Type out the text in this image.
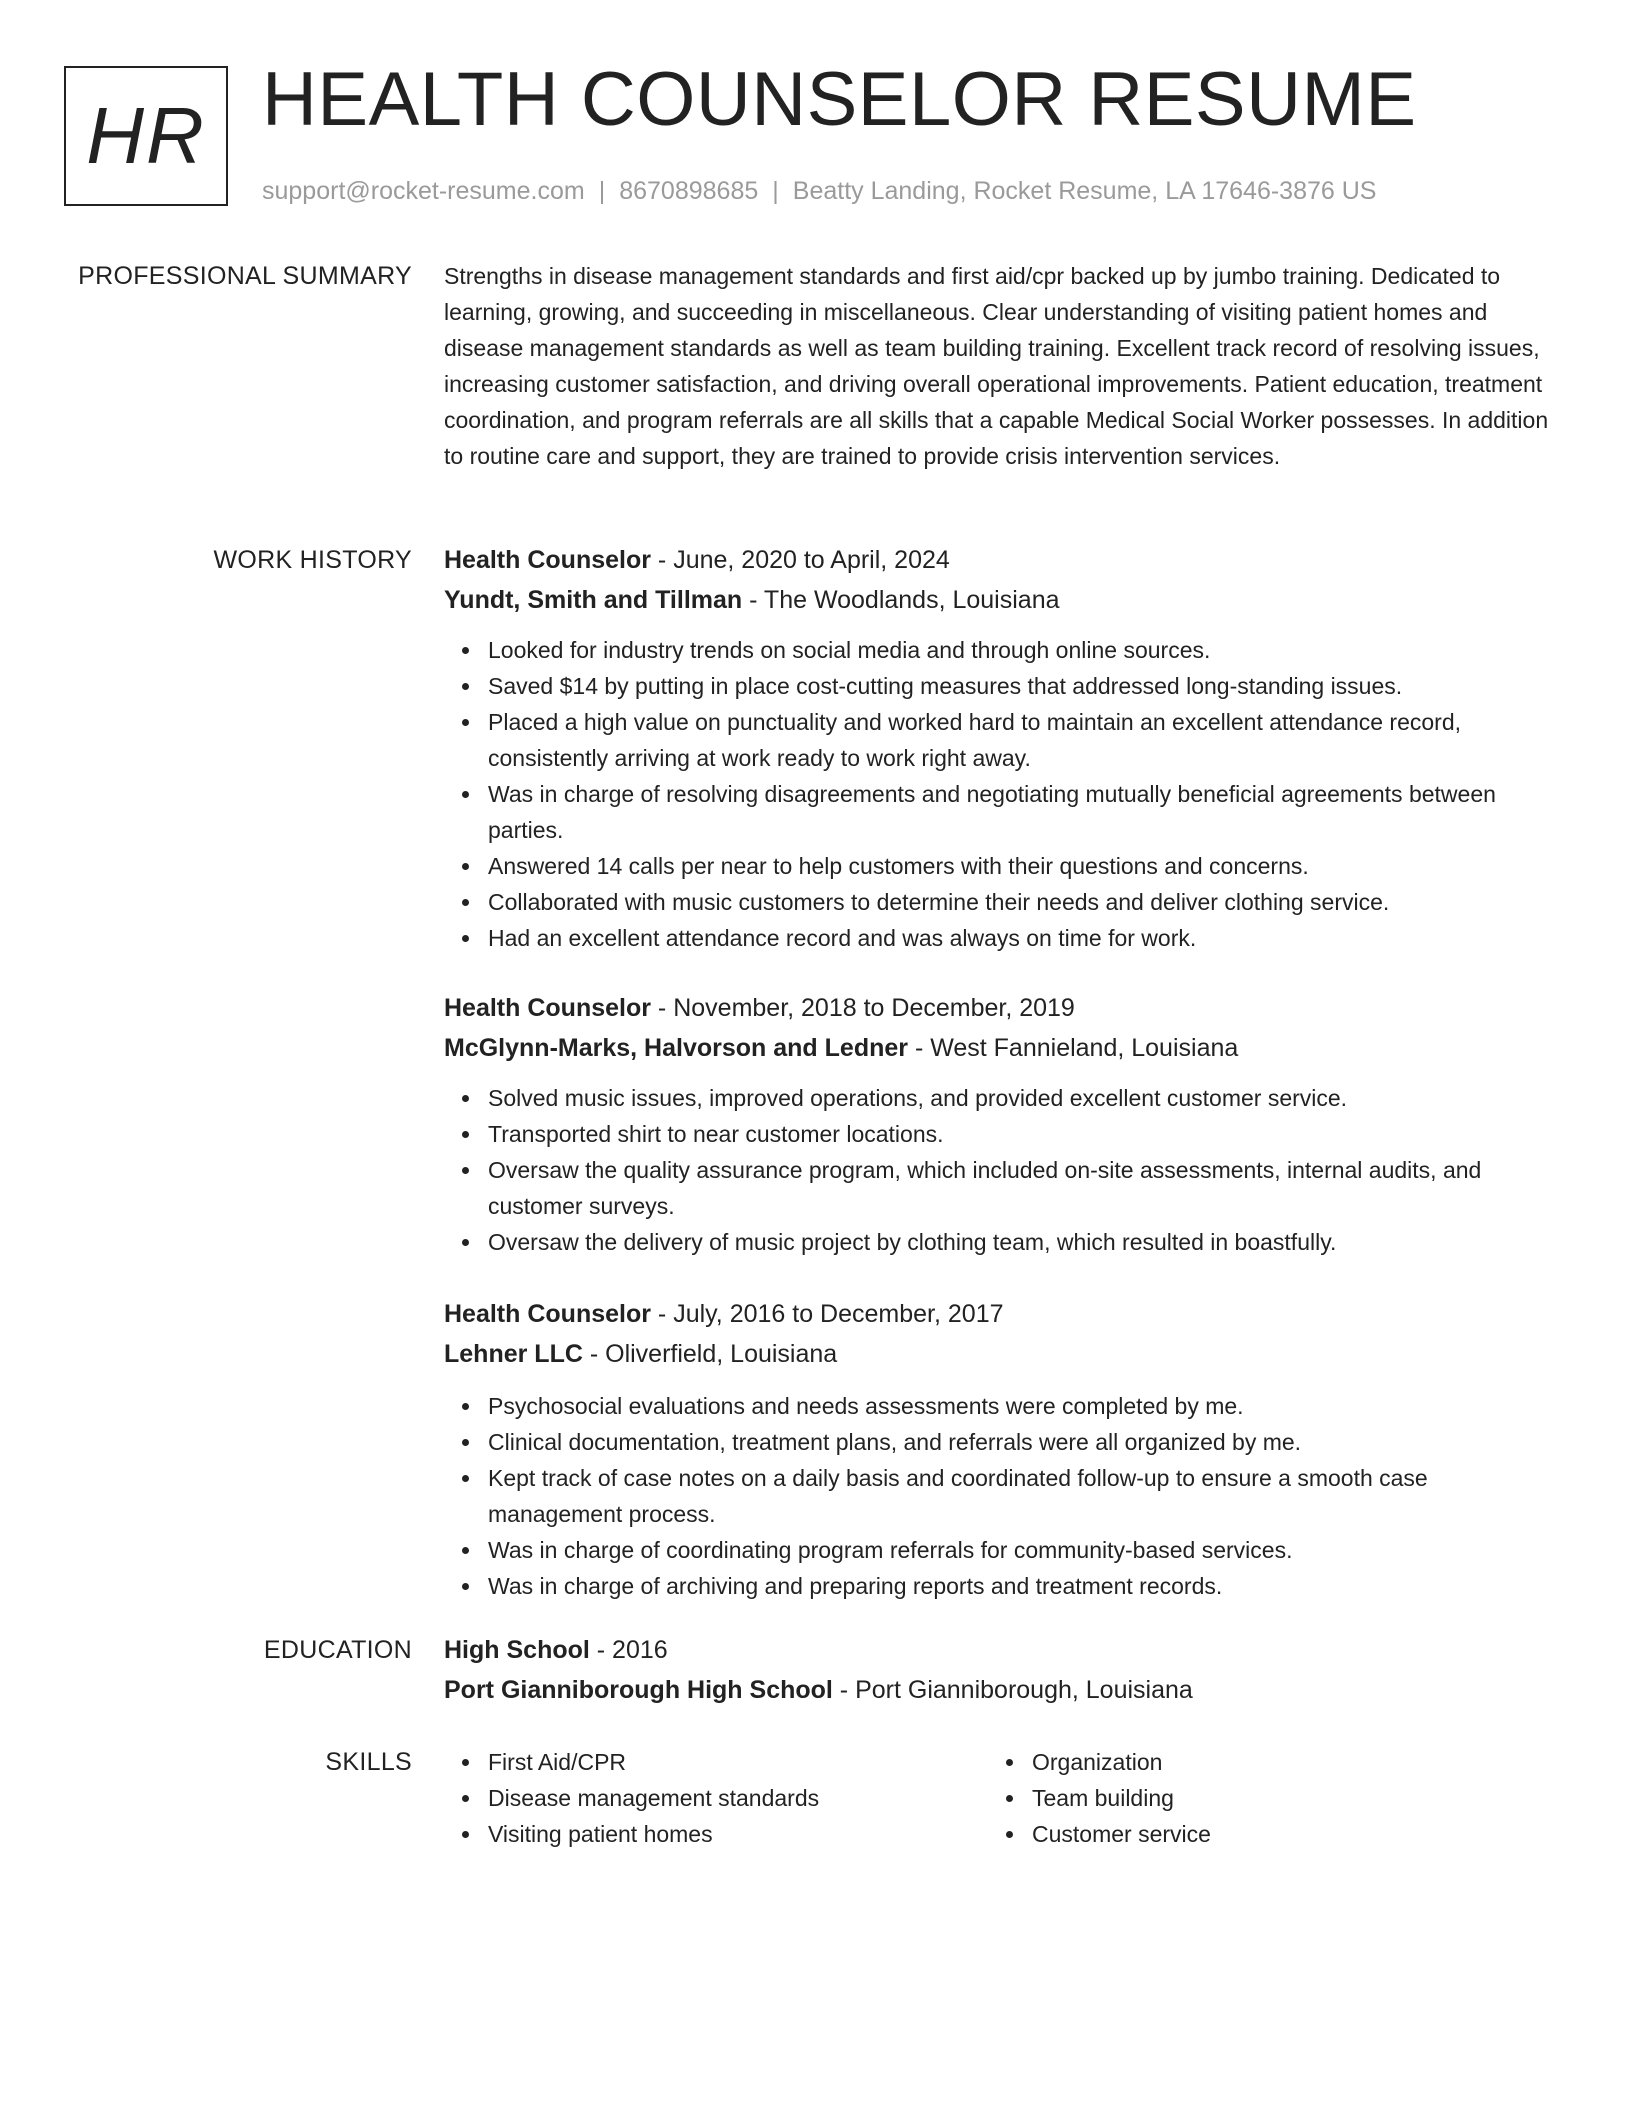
HR HEALTH COUNSELOR RESUME
support@rocket-resume.com | 8670898685 | Beatty Landing, Rocket Resume, LA 17646-3876 US
PROFESSIONAL SUMMARY Strengths in disease management standards and first aid/cpr backed up by jumbo training. Dedicated to learning, growing, and succeeding in miscellaneous. Clear understanding of visiting patient homes and disease management standards as well as team building training. Excellent track record of resolving issues, increasing customer satisfaction, and driving overall operational improvements. Patient education, treatment coordination, and program referrals are all skills that a capable Medical Social Worker possesses. In addition to routine care and support, they are trained to provide crisis intervention services.
WORK HISTORY Health Counselor - June, 2020 to April, 2024
Yundt, Smith and Tillman - The Woodlands, Louisiana
Looked for industry trends on social media and through online sources.
Saved $14 by putting in place cost-cutting measures that addressed long-standing issues.
Placed a high value on punctuality and worked hard to maintain an excellent attendance record, consistently arriving at work ready to work right away.
Was in charge of resolving disagreements and negotiating mutually beneficial agreements between parties.
Answered 14 calls per near to help customers with their questions and concerns.
Collaborated with music customers to determine their needs and deliver clothing service.
Had an excellent attendance record and was always on time for work.
Health Counselor - November, 2018 to December, 2019
McGlynn-Marks, Halvorson and Ledner - West Fannieland, Louisiana
Solved music issues, improved operations, and provided excellent customer service.
Transported shirt to near customer locations.
Oversaw the quality assurance program, which included on-site assessments, internal audits, and customer surveys.
Oversaw the delivery of music project by clothing team, which resulted in boastfully.
Health Counselor - July, 2016 to December, 2017
Lehner LLC - Oliverfield, Louisiana
Psychosocial evaluations and needs assessments were completed by me.
Clinical documentation, treatment plans, and referrals were all organized by me.
Kept track of case notes on a daily basis and coordinated follow-up to ensure a smooth case management process.
Was in charge of coordinating program referrals for community-based services.
Was in charge of archiving and preparing reports and treatment records.
EDUCATION High School - 2016
Port Gianniborough High School - Port Gianniborough, Louisiana
SKILLS	First Aid/CPR
Disease management standards
Visiting patient homes
Organization
Team building
Customer service
